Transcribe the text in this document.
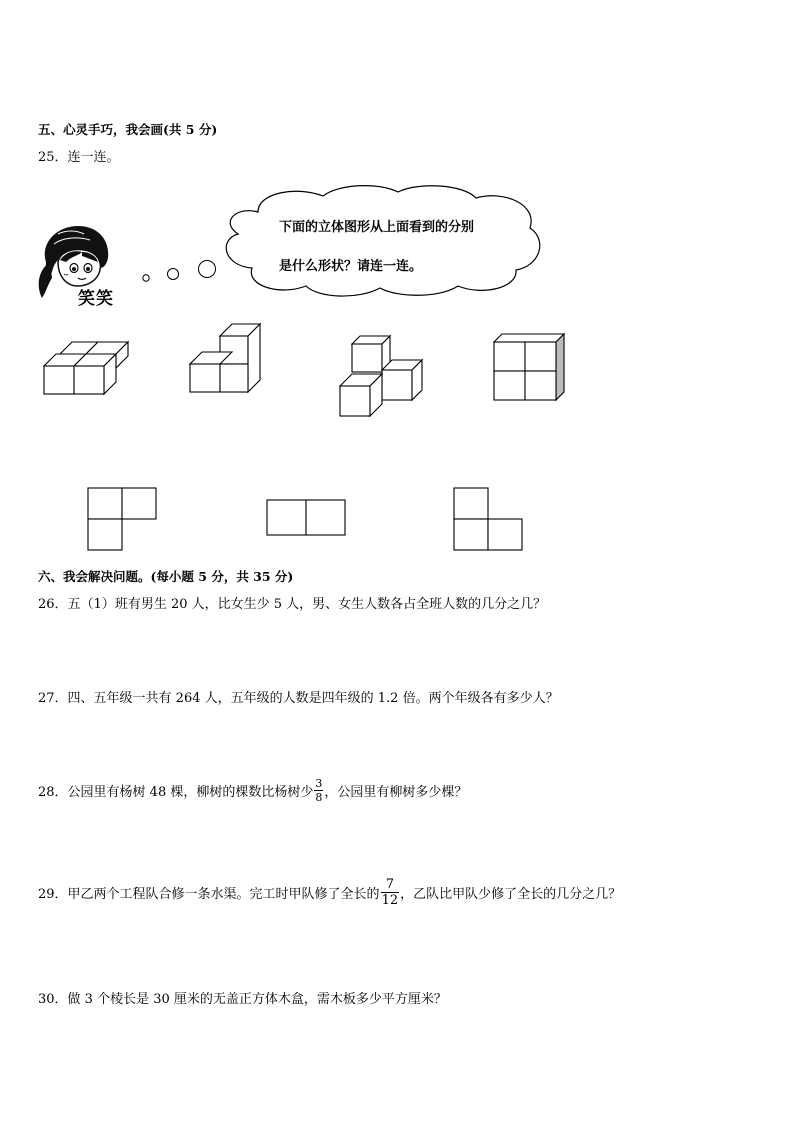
五、心灵手巧，我会画(共 5 分)
25．连一连。
笑笑
下面的立体图形从上面看到的分别
是什么形状？请连一连。
六、我会解决问题。(每小题 5 分，共 35 分)
26．五（1）班有男生 20 人，比女生少 5 人，男、女生人数各占全班人数的几分之几？
27．四、五年级一共有 264 人，五年级的人数是四年级的 1.2 倍。两个年级各有多少人？
28． 公园里有杨树 48 棵，柳树的棵数比杨树少 $\frac{3}{8}$ ，公园里有柳树多少棵？
29． 甲乙两个工程队合修一条水渠。完工时甲队修了全长的 $\frac{7}{12}$ ，乙队比甲队少修了全长的几分之几？
30．做 3 个棱长是 30 厘米的无盖正方体木盒，需木板多少平方厘米？
